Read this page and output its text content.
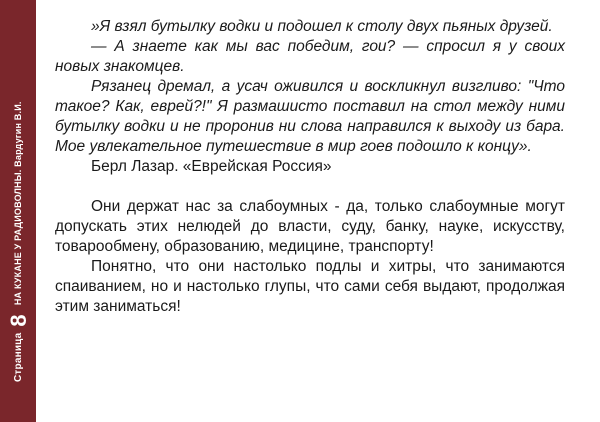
Страница
8
НА КУКАНЕ У РАДИОВОЛНЫ. Вардугин В.И.

»Я взял бутылку водки и подошел к столу двух пьяных друзей.

— А знаете как мы вас победим, гои? — спросил я у своих новых знакомцев.

Рязанец дремал, а усач оживился и воскликнул визгливо: "Что такое? Как, еврей?!" Я размашисто поставил на стол между ними бутылку водки и не проронив ни слова направился к выходу из бара. Мое увлекательное путешествие в мир гоев подошло к концу».

Берл Лазар. «Еврейская Россия»

Они держат нас за слабоумных - да, только слабоумные могут допускать этих нелюдей до власти, суду, банку, науке, искусству, товарообмену, образованию, медицине, транспорту!

Понятно, что они настолько подлы и хитры, что занимаются спаиванием, но и настолько глупы, что сами себя выдают, продолжая этим заниматься!
